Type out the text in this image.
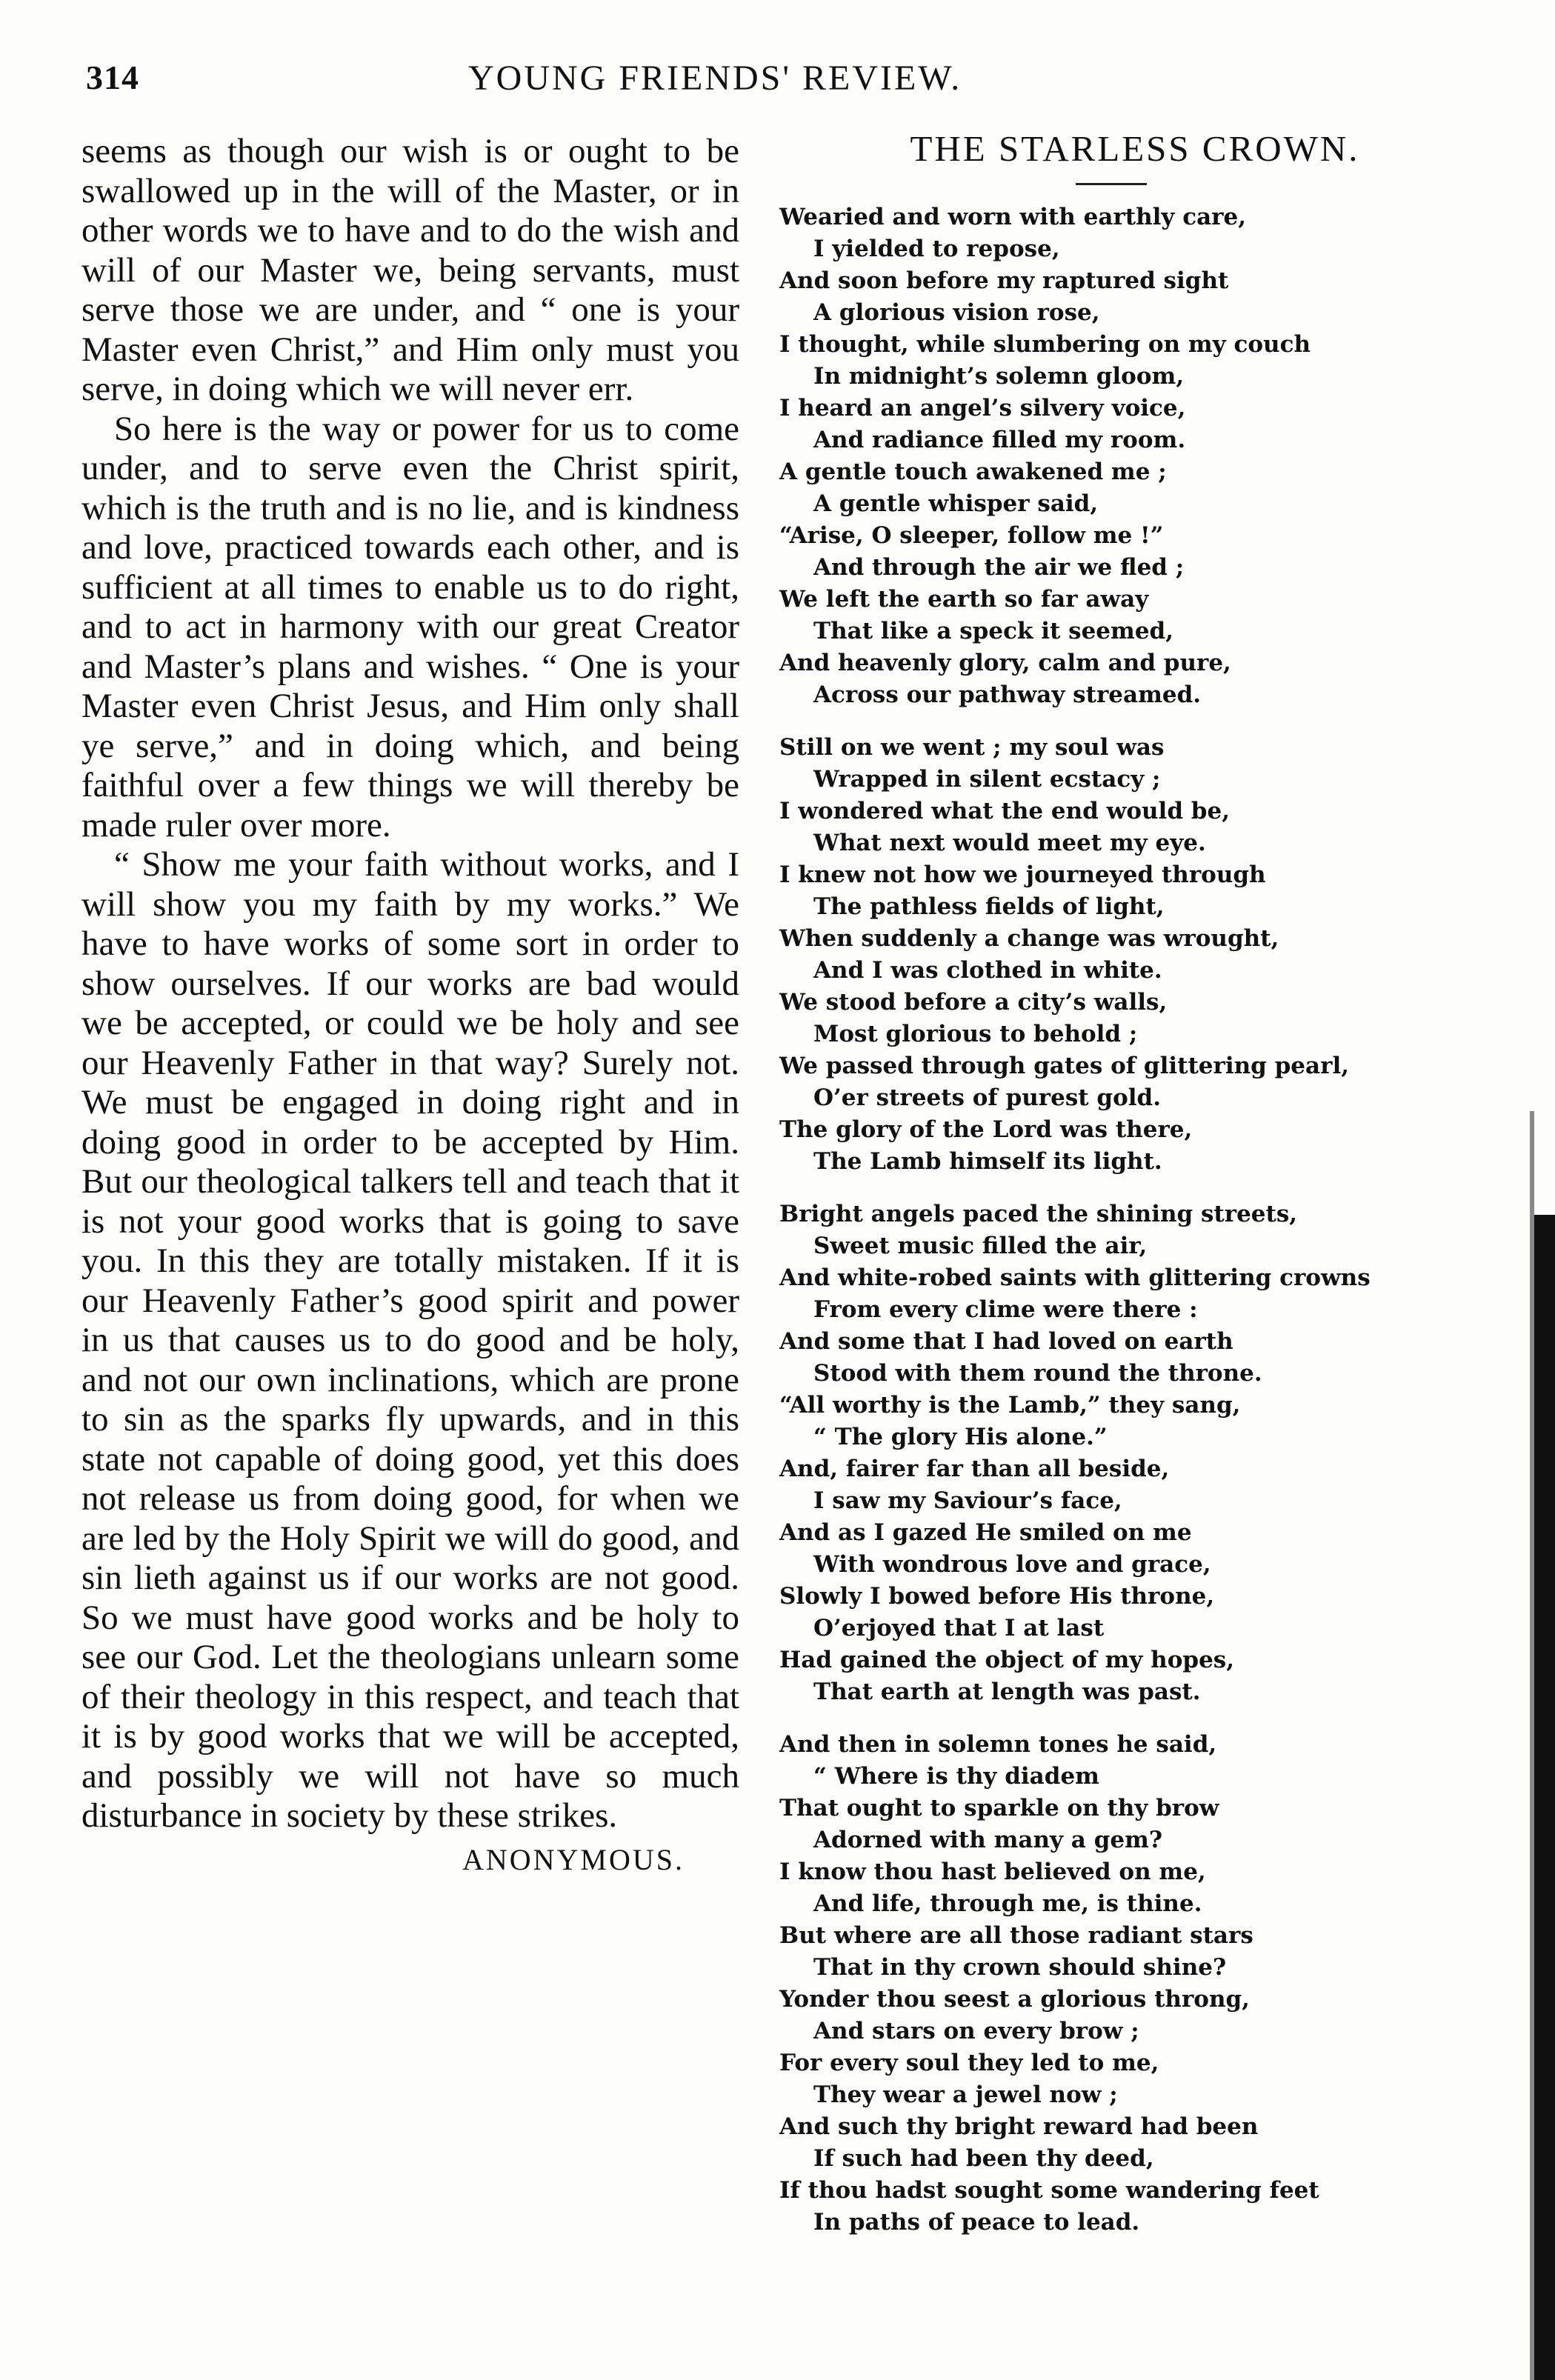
314	YOUNG FRIENDS' REVIEW.

seems as though our wish is or ought to be swallowed up in the will of the Master, or in other words we to have and to do the wish and will of our Master we, being servants, must serve those we are under, and “ one is your Master even Christ,” and Him only must you serve, in doing which we will never err.

So here is the way or power for us to come under, and to serve even the Christ spirit, which is the truth and is no lie, and is kindness and love, practiced towards each other, and is sufficient at all times to enable us to do right, and to act in harmony with our great Creator and Master’s plans and wishes. “ One is your Master even Christ Jesus, and Him only shall ye serve,” and in doing which, and being faithful over a few things we will thereby be made ruler over more.

“ Show me your faith without works, and I will show you my faith by my works.” We have to have works of some sort in order to show ourselves. If our works are bad would we be accepted, or could we be holy and see our Heavenly Father in that way? Surely not. We must be engaged in doing right and in doing good in order to be accepted by Him. But our theological talkers tell and teach that it is not your good works that is going to save you. In this they are totally mistaken. If it is our Heavenly Father’s good spirit and power in us that causes us to do good and be holy, and not our own inclinations, which are prone to sin as the sparks fly upwards, and in this state not capable of doing good, yet this does not release us from doing good, for when we are led by the Holy Spirit we will do good, and sin lieth against us if our works are not good. So we must have good works and be holy to see our God. Let the theologians unlearn some of their theology in this respect, and teach that it is by good works that we will be accepted, and possibly we will not have so much disturbance in society by these strikes.

ANONYMOUS.
THE STARLESS CROWN.
Wearied and worn with earthly care,
I yielded to repose,
And soon before my raptured sight
A glorious vision rose,
I thought, while slumbering on my couch
In midnight’s solemn gloom,
I heard an angel’s silvery voice,
And radiance filled my room.
A gentle touch awakened me ;
A gentle whisper said,
“Arise, O sleeper, follow me !”
And through the air we fled ;
We left the earth so far away
That like a speck it seemed,
And heavenly glory, calm and pure,
Across our pathway streamed.
Still on we went ; my soul was
Wrapped in silent ecstacy ;
I wondered what the end would be,
What next would meet my eye.
I knew not how we journeyed through
The pathless fields of light,
When suddenly a change was wrought,
And I was clothed in white.
We stood before a city’s walls,
Most glorious to behold ;
We passed through gates of glittering pearl,
O’er streets of purest gold.
The glory of the Lord was there,
The Lamb himself its light.
Bright angels paced the shining streets,
Sweet music filled the air,
And white-robed saints with glittering crowns
From every clime were there :
And some that I had loved on earth
Stood with them round the throne.
“All worthy is the Lamb,” they sang,
“ The glory His alone.”
And, fairer far than all beside,
I saw my Saviour’s face,
And as I gazed He smiled on me
With wondrous love and grace,
Slowly I bowed before His throne,
O’erjoyed that I at last
Had gained the object of my hopes,
That earth at length was past.
And then in solemn tones he said,
“ Where is thy diadem
That ought to sparkle on thy brow
Adorned with many a gem?
I know thou hast believed on me,
And life, through me, is thine.
But where are all those radiant stars
That in thy crown should shine?
Yonder thou seest a glorious throng,
And stars on every brow ;
For every soul they led to me,
They wear a jewel now ;
And such thy bright reward had been
If such had been thy deed,
If thou hadst sought some wandering feet
In paths of peace to lead.
